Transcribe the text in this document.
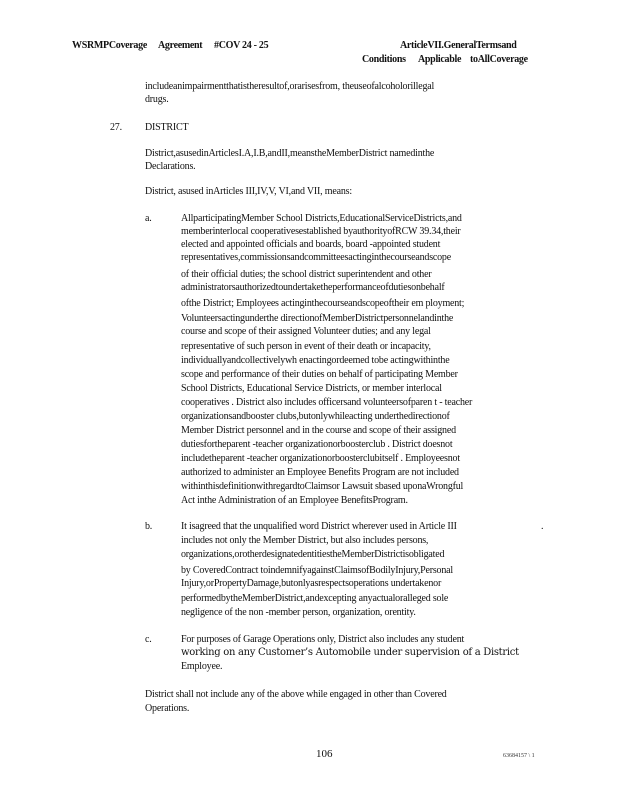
WSRMPCoverage Agreement #COV 24 - 25	ArticleVII.GeneralTermsand
Conditions Applicable toAllCoverage
includeanimpairmentthatistheresultof,orarisesfrom, theuseofalcoholorillegal
drugs.
27. DISTRICT
District,asusedinArticlesI.A,I.B,andII,meanstheMemberDistrict namedinthe
Declarations.
District, asused inArticles III,IV,V, VI,and VII, means:
a.	AllparticipatingMember School Districts,EducationalServiceDistricts,and
memberinterlocal cooperativesestablished byauthorityofRCW 39.34,their
elected and appointed officials and boards, board -appointed student
representatives,commissionsandcommitteesactinginthecourseandscope
of their official duties; the school district superintendent and other
administratorsauthorizedtoundertaketheperformanceofdutiesonbehalf
ofthe District; Employees actinginthecourseandscopeoftheir em ployment;
Volunteersactingunderthe directionofMemberDistrictpersonnelandinthe
course and scope of their assigned Volunteer duties; and any legal
representative of such person in event of their death or incapacity,
individuallyandcollectivelywh enactingordeemed tobe actingwithinthe
scope and performance of their duties on behalf of participating Member
School Districts, Educational Service Districts, or member interlocal
cooperatives . District also includes officersand volunteersofparen t - teacher
organizationsandbooster clubs,butonlywhileacting underthedirectionof
Member District personnel and in the course and scope of their assigned
dutiesfortheparent -teacher organizationorboosterclub . District doesnot
includetheparent -teacher organizationorboosterclubitself . Employeesnot
authorized to administer an Employee Benefits Program are not included
withinthisdefinitionwithregardtoClaimsor Lawsuit sbased uponaWrongful
Act inthe Administration of an Employee BenefitsProgram.
b.	It isagreed that the unqualified word District wherever used in Article III	.
includes not only the Member District, but also includes persons,
organizations,orotherdesignatedentitiestheMemberDistrictisobligated
by CoveredContract toindemnifyagainstClaimsofBodilyInjury,Personal
Injury,orPropertyDamage,butonlyasrespectsoperations undertakenor
performedbytheMemberDistrict,andexcepting anyactualoralleged sole
negligence of the non -member person, organization, orentity.
c.	For purposes of Garage Operations only, District also includes any student
working on any Customer’s Automobile under supervision of a District
Employee.
District shall not include any of the above while engaged in other than Covered
Operations.
106	63684157 \ 1
